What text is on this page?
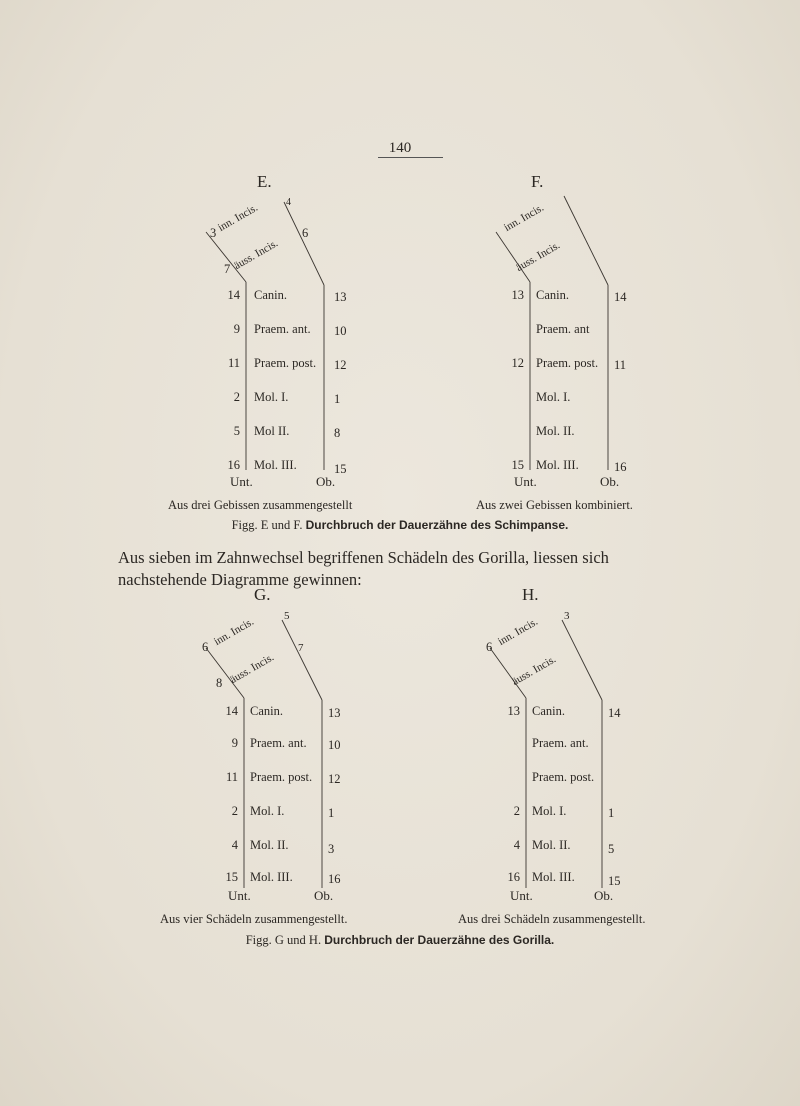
140
E.
3
4
7
6
inn. Incis.
äuss. Incis.
14 Canin.	13
9 Praem. ant. 10
11 Praem. post. 12
2 Mol. I.	1
5 Mol II.	8
16 Mol. III.	15
Unt.	Ob.
Aus drei Gebissen zusammengestellt
F.
inn. Incis.
äuss. Incis.
13 Canin.	14
Praem. ant
12 Praem. post. 11
Mol. I.
Mol. II.
15 Mol. III.	16
Unt.	Ob.
Aus zwei Gebissen kombiniert.
Figg. E und F. Durchbruch der Dauerzähne des Schimpanse.
Aus sieben im Zahnwechsel begriffenen Schädeln des Gorilla, liessen sich nachstehende Diagramme gewinnen:
G.
6
5
8
7
inn. Incis.
äuss. Incis.
14 Canin.	13
9 Praem. ant. 10
11 Praem. post. 12
2 Mol. I.	1
4 Mol. II.	3
15 Mol. III.	16
Unt.	Ob.
Aus vier Schädeln zusammengestellt.
H.
6
3
inn. Incis.
äuss. Incis.
13 Canin.	14
Praem. ant.
Praem. post.
2 Mol. I.	1
4 Mol. II.	5
16 Mol. III.	15
Unt.	Ob.
Aus drei Schädeln zusammengestellt.
Figg. G und H. Durchbruch der Dauerzähne des Gorilla.
